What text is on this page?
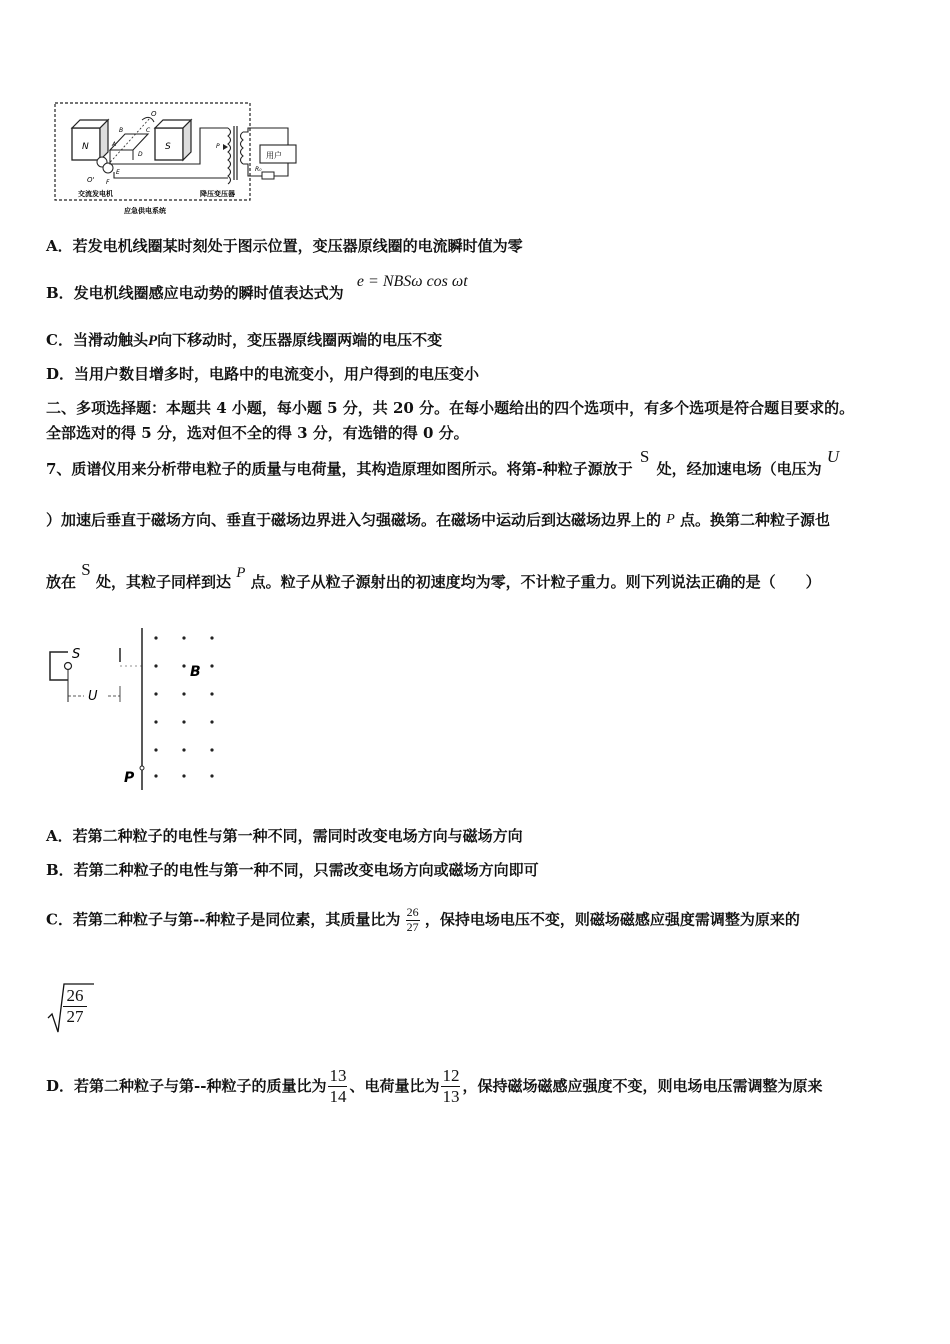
N	S
O
A
B	C
D
O'
E
F
P
R₀
用户
交流发电机	降压变压器
应急供电系统
A．若发电机线圈某时刻处于图示位置，变压器原线圈的电流瞬时值为零
B．发电机线圈感应电动势的瞬时值表达式为 e = NBSω cos ωt
C．当滑动触头P向下移动时，变压器原线圈两端的电压不变
D．当用户数目增多时，电路中的电流变小，用户得到的电压变小
二、多项选择题：本题共 4 小题，每小题 5 分，共 20 分。在每小题给出的四个选项中，有多个选项是符合题目要求的。
全部选对的得 5 分，选对但不全的得 3 分，有选错的得 0 分。
7、质谱仪用来分析带电粒子的质量与电荷量，其构造原理如图所示。将第-种粒子源放于 S 处，经加速电场（电压为 U
）加速后垂直于磁场方向、垂直于磁场边界进入匀强磁场。在磁场中运动后到达磁场边界上的 P 点。换第二种粒子源也
放在 S 处，其粒子同样到达 P 点。粒子从粒子源射出的初速度均为零，不计粒子重力。则下列说法正确的是（　　）
S
U
B
P
A．若第二种粒子的电性与第一种不同，需同时改变电场方向与磁场方向
B．若第二种粒子的电性与第一种不同，只需改变电场方向或磁场方向即可
C．若第二种粒子与第--种粒子是同位素，其质量比为 $\frac{26}{27}$ ，保持电场电压不变，则磁场磁感应强度需调整为原来的
$\frac{26}{27}$
D．若第二种粒子与第--种粒子的质量比为 $\frac{13}{14}$ 、电荷量比为 $\frac{12}{13}$ ，保持磁场磁感应强度不变，则电场电压需调整为原来
